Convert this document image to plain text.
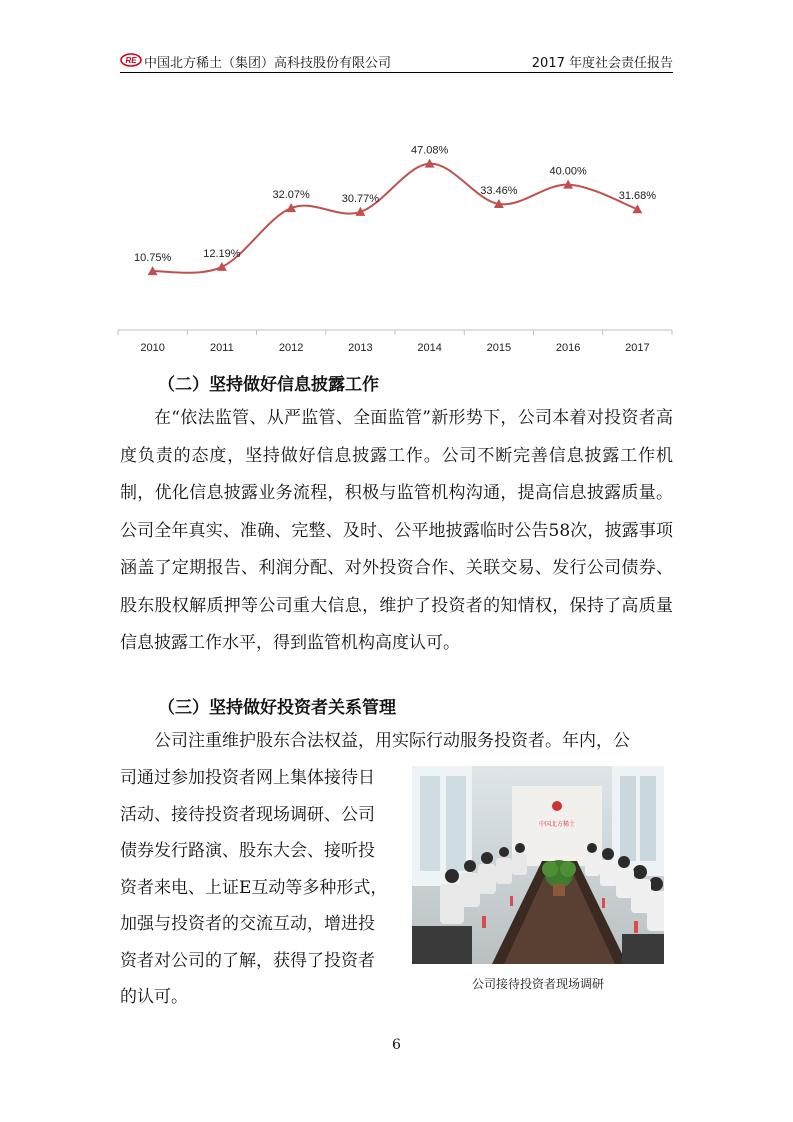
RE 中国北方稀土（集团）高科技股份有限公司	2017 年度社会责任报告
10.75%
2010
12.19%
2011
32.07%
2012
30.77%
2013
47.08%
2014
33.46%
2015
40.00%
2016
31.68%
2017
（二）坚持做好信息披露工作

在“依法监管、从严监管、全面监管”新形势下，公司本着对投资者高度负责的态度，坚持做好信息披露工作。公司不断完善信息披露工作机制，优化信息披露业务流程，积极与监管机构沟通，提高信息披露质量。公司全年真实、准确、完整、及时、公平地披露临时公告58次，披露事项涵盖了定期报告、利润分配、对外投资合作、关联交易、发行公司债券、股东股权解质押等公司重大信息，维护了投资者的知情权，保持了高质量信息披露工作水平，得到监管机构高度认可。

（三）坚持做好投资者关系管理

公司注重维护股东合法权益，用实际行动服务投资者。年内，公

司通过参加投资者网上集体接待日
活动、接待投资者现场调研、公司
债券发行路演、股东大会、接听投
资者来电、上证E互动等多种形式，
加强与投资者的交流互动，增进投
资者对公司的了解，获得了投资者
的认可。
中国北方稀土
公司接待投资者现场调研
6
